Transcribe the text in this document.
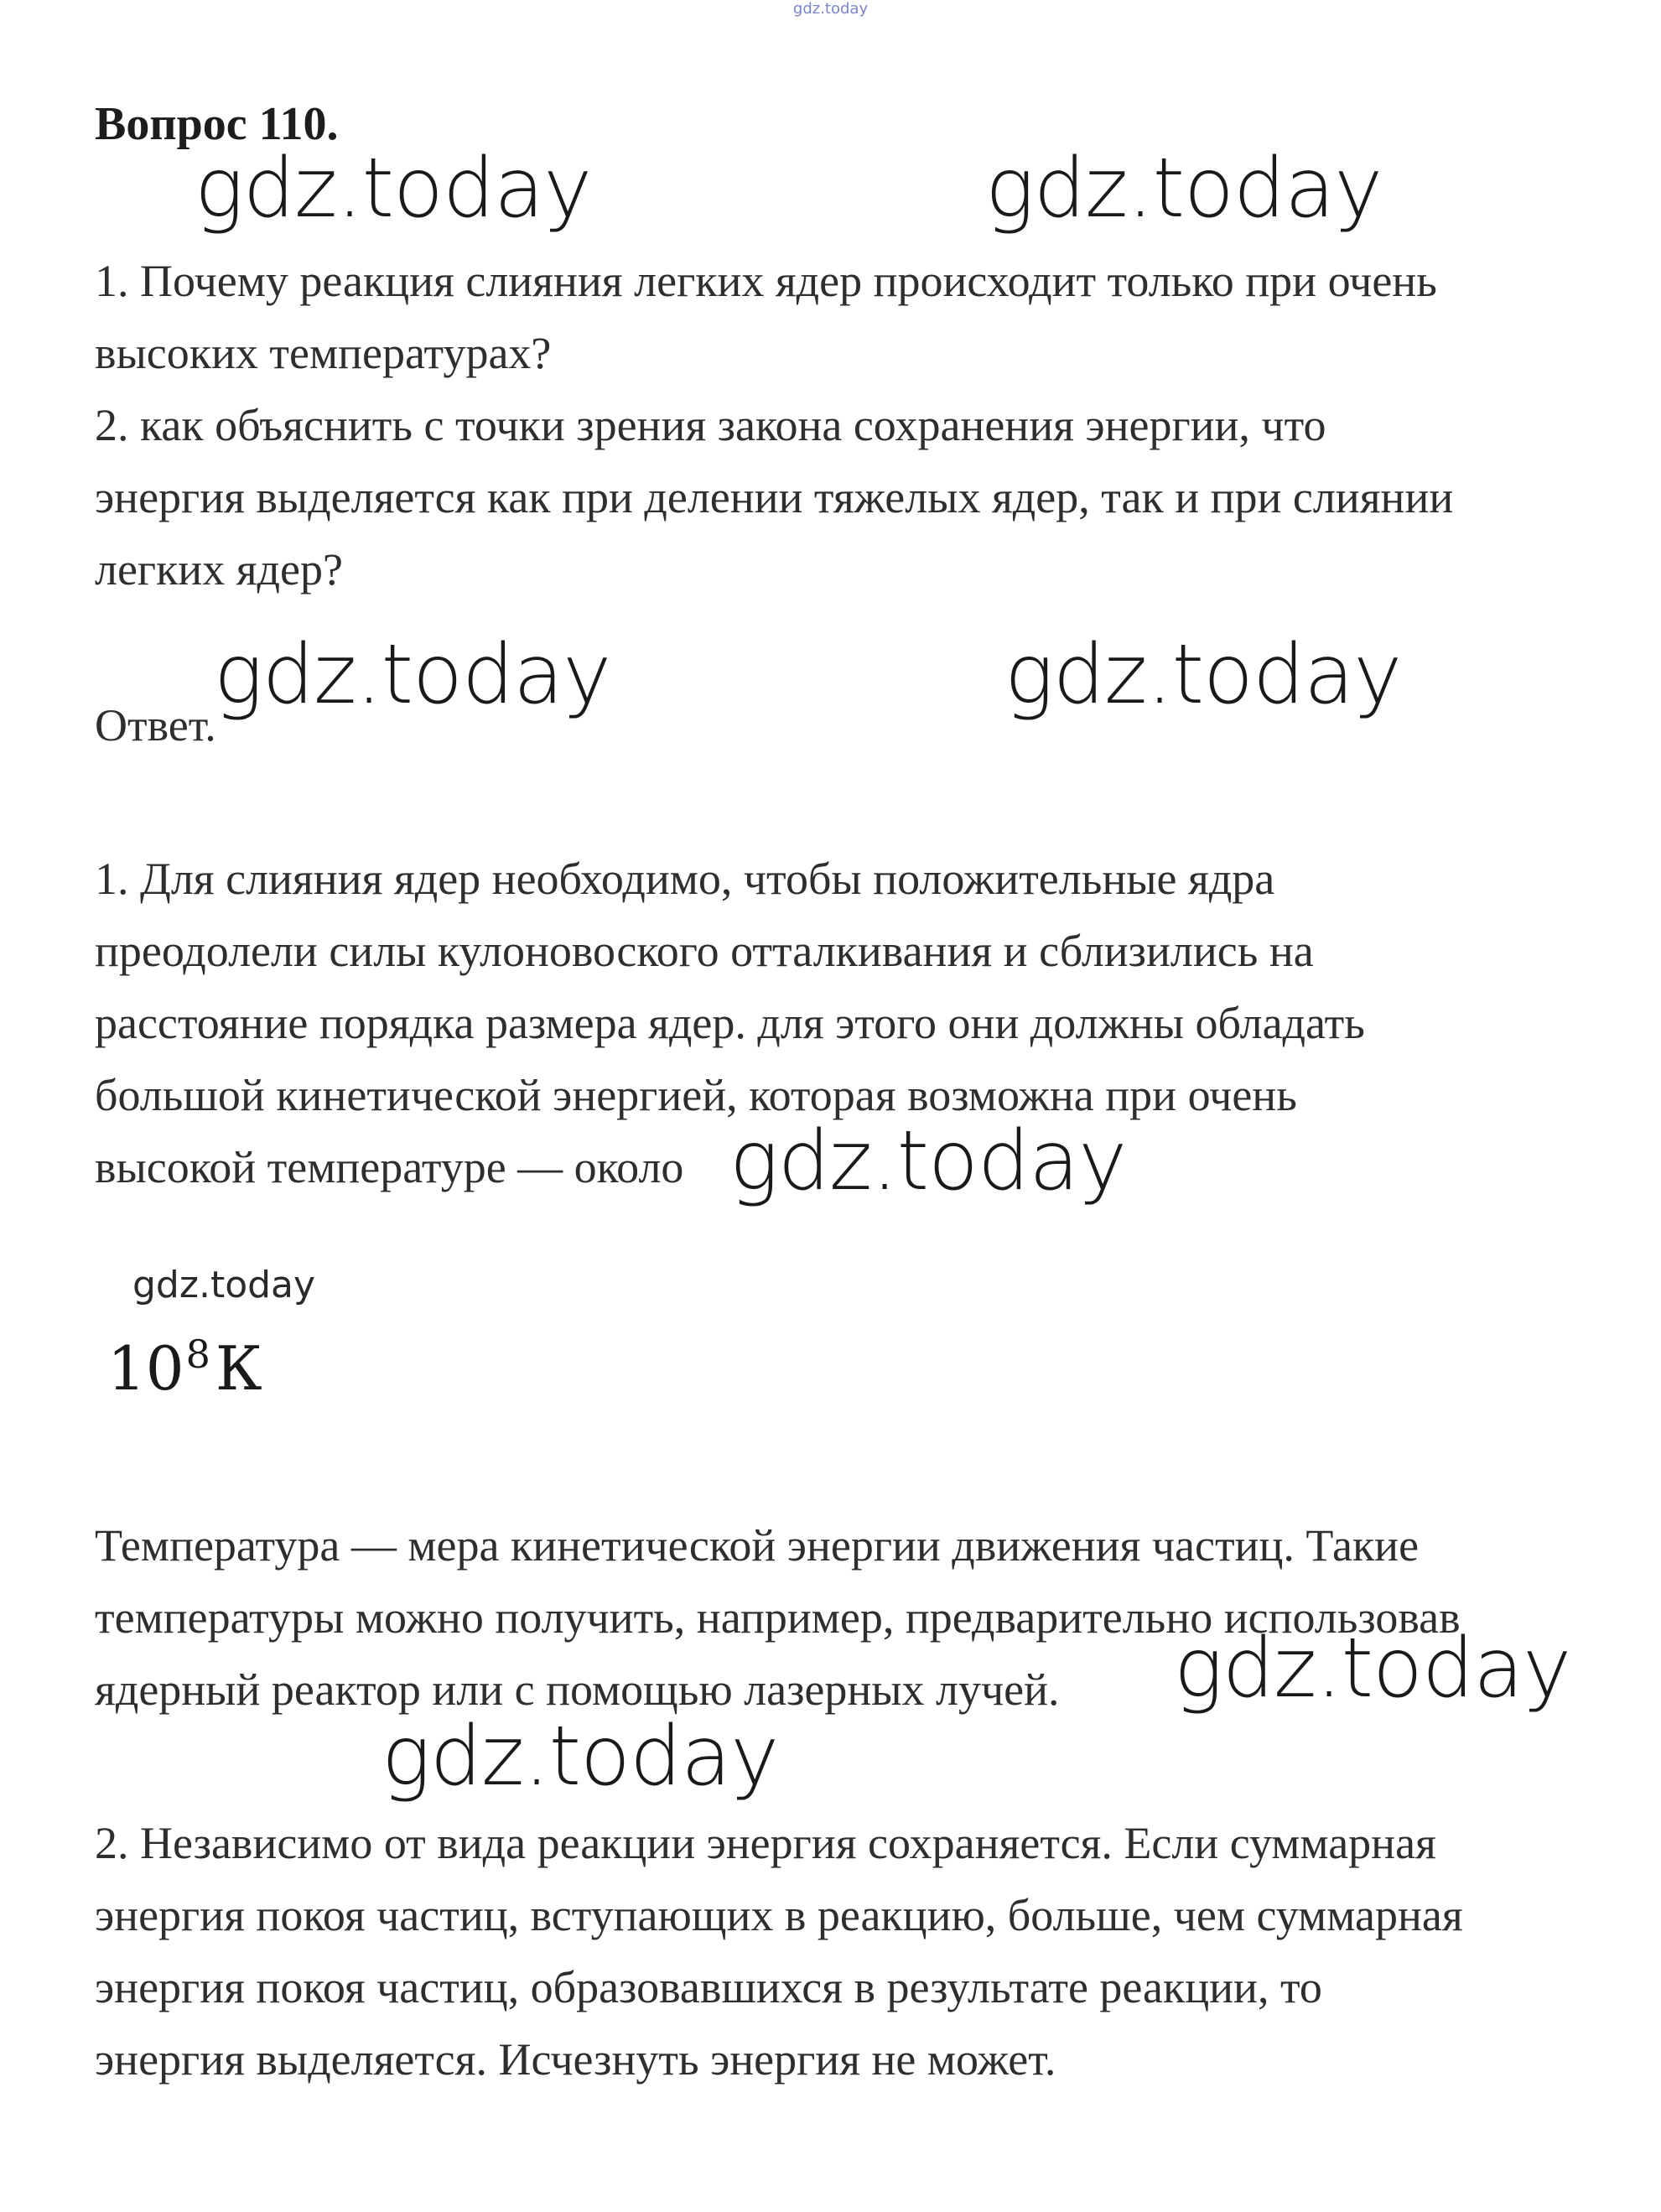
gdz.today
Вопрос 110.
gdz.today	gdz.today
1. Почему реакция слияния легких ядер происходит только при очень
высоких температурах?
2. как объяснить с точки зрения закона сохранения энергии, что
энергия выделяется как при делении тяжелых ядер, так и при слиянии
легких ядер?
gdz.today	gdz.today
Ответ.
1. Для слияния ядер необходимо, чтобы положительные ядра
преодолели силы кулоновоского отталкивания и сблизились на
расстояние порядка размера ядер. для этого они должны обладать
большой кинетической энергией, которая возможна при очень
высокой температуре — около gdz.today
gdz.today
$10^8К$
Температура — мера кинетической энергии движения частиц. Такие
температуры можно получить, например, предварительно использовав
ядерный реактор или с помощью лазерных лучей.	gdz.today
gdz.today
2. Независимо от вида реакции энергия сохраняется. Если суммарная
энергия покоя частиц, вступающих в реакцию, больше, чем суммарная
энергия покоя частиц, образовавшихся в результате реакции, то
энергия выделяется. Исчезнуть энергия не может.
